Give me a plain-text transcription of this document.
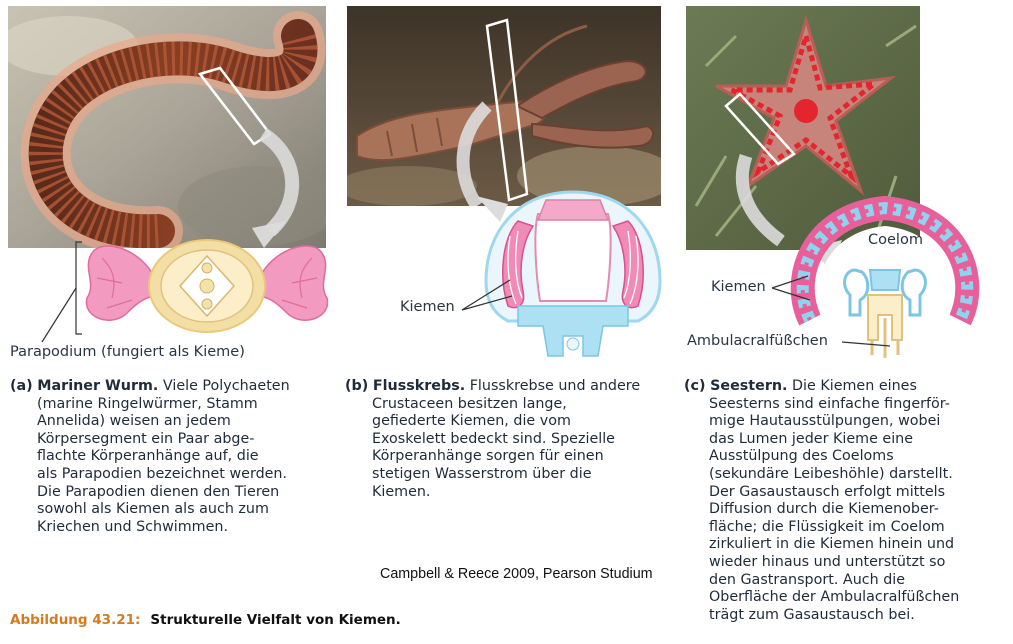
Parapodium (fungiert als Kieme)
Kiemen
Coelom
Kiemen
Ambulacralfüßchen
(a) Mariner Wurm. Viele Polychaeten
(marine Ringelwürmer, Stamm
Annelida) weisen an jedem
Körpersegment ein Paar abge-
flachte Körperanhänge auf, die
als Parapodien bezeichnet werden.
Die Parapodien dienen den Tieren
sowohl als Kiemen als auch zum
Kriechen und Schwimmen.
(b) Flusskrebs. Flusskrebse und andere
Crustaceen besitzen lange,
gefiederte Kiemen, die vom
Exoskelett bedeckt sind. Spezielle
Körperanhänge sorgen für einen
stetigen Wasserstrom über die
Kiemen.
(c) Seestern. Die Kiemen eines
Seesterns sind einfache fingerför-
mige Hautausstülpungen, wobei
das Lumen jeder Kieme eine
Ausstülpung des Coeloms
(sekundäre Leibeshöhle) darstellt.
Der Gasaustausch erfolgt mittels
Diffusion durch die Kiemenober-
fläche; die Flüssigkeit im Coelom
zirkuliert in die Kiemen hinein und
wieder hinaus und unterstützt so
den Gastransport. Auch die
Oberfläche der Ambulacralfüßchen
trägt zum Gasaustausch bei.
Campbell & Reece 2009, Pearson Studium
Abbildung 43.21: Strukturelle Vielfalt von Kiemen.
